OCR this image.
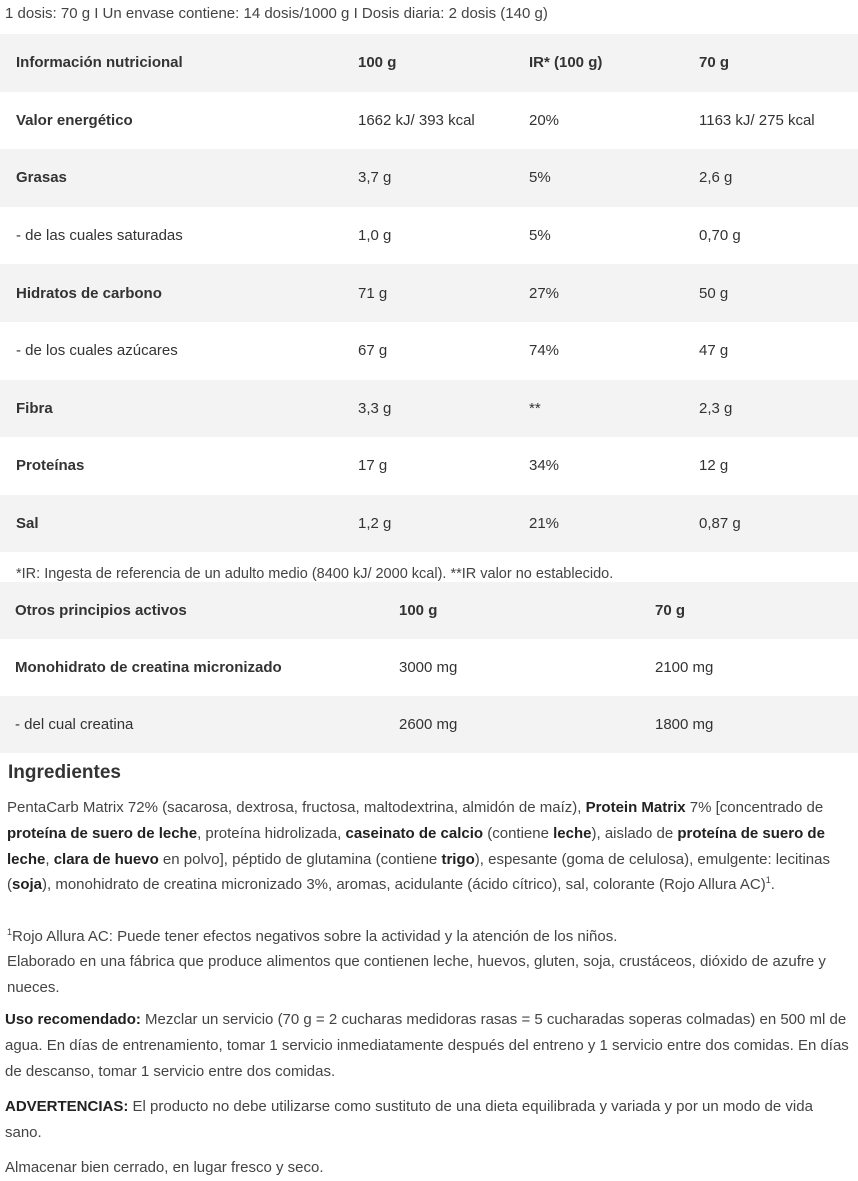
1 dosis: 70 g I Un envase contiene: 14 dosis/1000 g I Dosis diaria: 2 dosis (140 g)
Información nutricional	100 g	IR* (100 g)	70 g
Valor energético	1662 kJ/ 393 kcal	20%	1163 kJ/ 275 kcal
Grasas	3,7 g	5%	2,6 g
- de las cuales saturadas	1,0 g	5%	0,70 g
Hidratos de carbono	71 g	27%	50 g
- de los cuales azúcares	67 g	74%	47 g
Fibra	3,3 g	**	2,3 g
Proteínas	17 g	34%	12 g
Sal	1,2 g	21%	0,87 g
*IR: Ingesta de referencia de un adulto medio (8400 kJ/ 2000 kcal). **IR valor no establecido.
Otros principios activos	100 g	70 g
Monohidrato de creatina micronizado	3000 mg	2100 mg
- del cual creatina	2600 mg	1800 mg
Ingredientes
PentaCarb Matrix 72% (sacarosa, dextrosa, fructosa, maltodextrina, almidón de maíz), Protein Matrix 7% [concentrado de proteína de suero de leche, proteína hidrolizada, caseinato de calcio (contiene leche), aislado de proteína de suero de leche, clara de huevo en polvo], péptido de glutamina (contiene trigo), espesante (goma de celulosa), emulgente: lecitinas (soja), monohidrato de creatina micronizado 3%, aromas, acidulante (ácido cítrico), sal, colorante (Rojo Allura AC)$^1$.
$^1$Rojo Allura AC: Puede tener efectos negativos sobre la actividad y la atención de los niños.
Elaborado en una fábrica que produce alimentos que contienen leche, huevos, gluten, soja, crustáceos, dióxido de azufre y nueces.
Uso recomendado: Mezclar un servicio (70 g = 2 cucharas medidoras rasas = 5 cucharadas soperas colmadas) en 500 ml de agua. En días de entrenamiento, tomar 1 servicio inmediatamente después del entreno y 1 servicio entre dos comidas. En días de descanso, tomar 1 servicio entre dos comidas.
ADVERTENCIAS: El producto no debe utilizarse como sustituto de una dieta equilibrada y variada y por un modo de vida sano.
Almacenar bien cerrado, en lugar fresco y seco.
